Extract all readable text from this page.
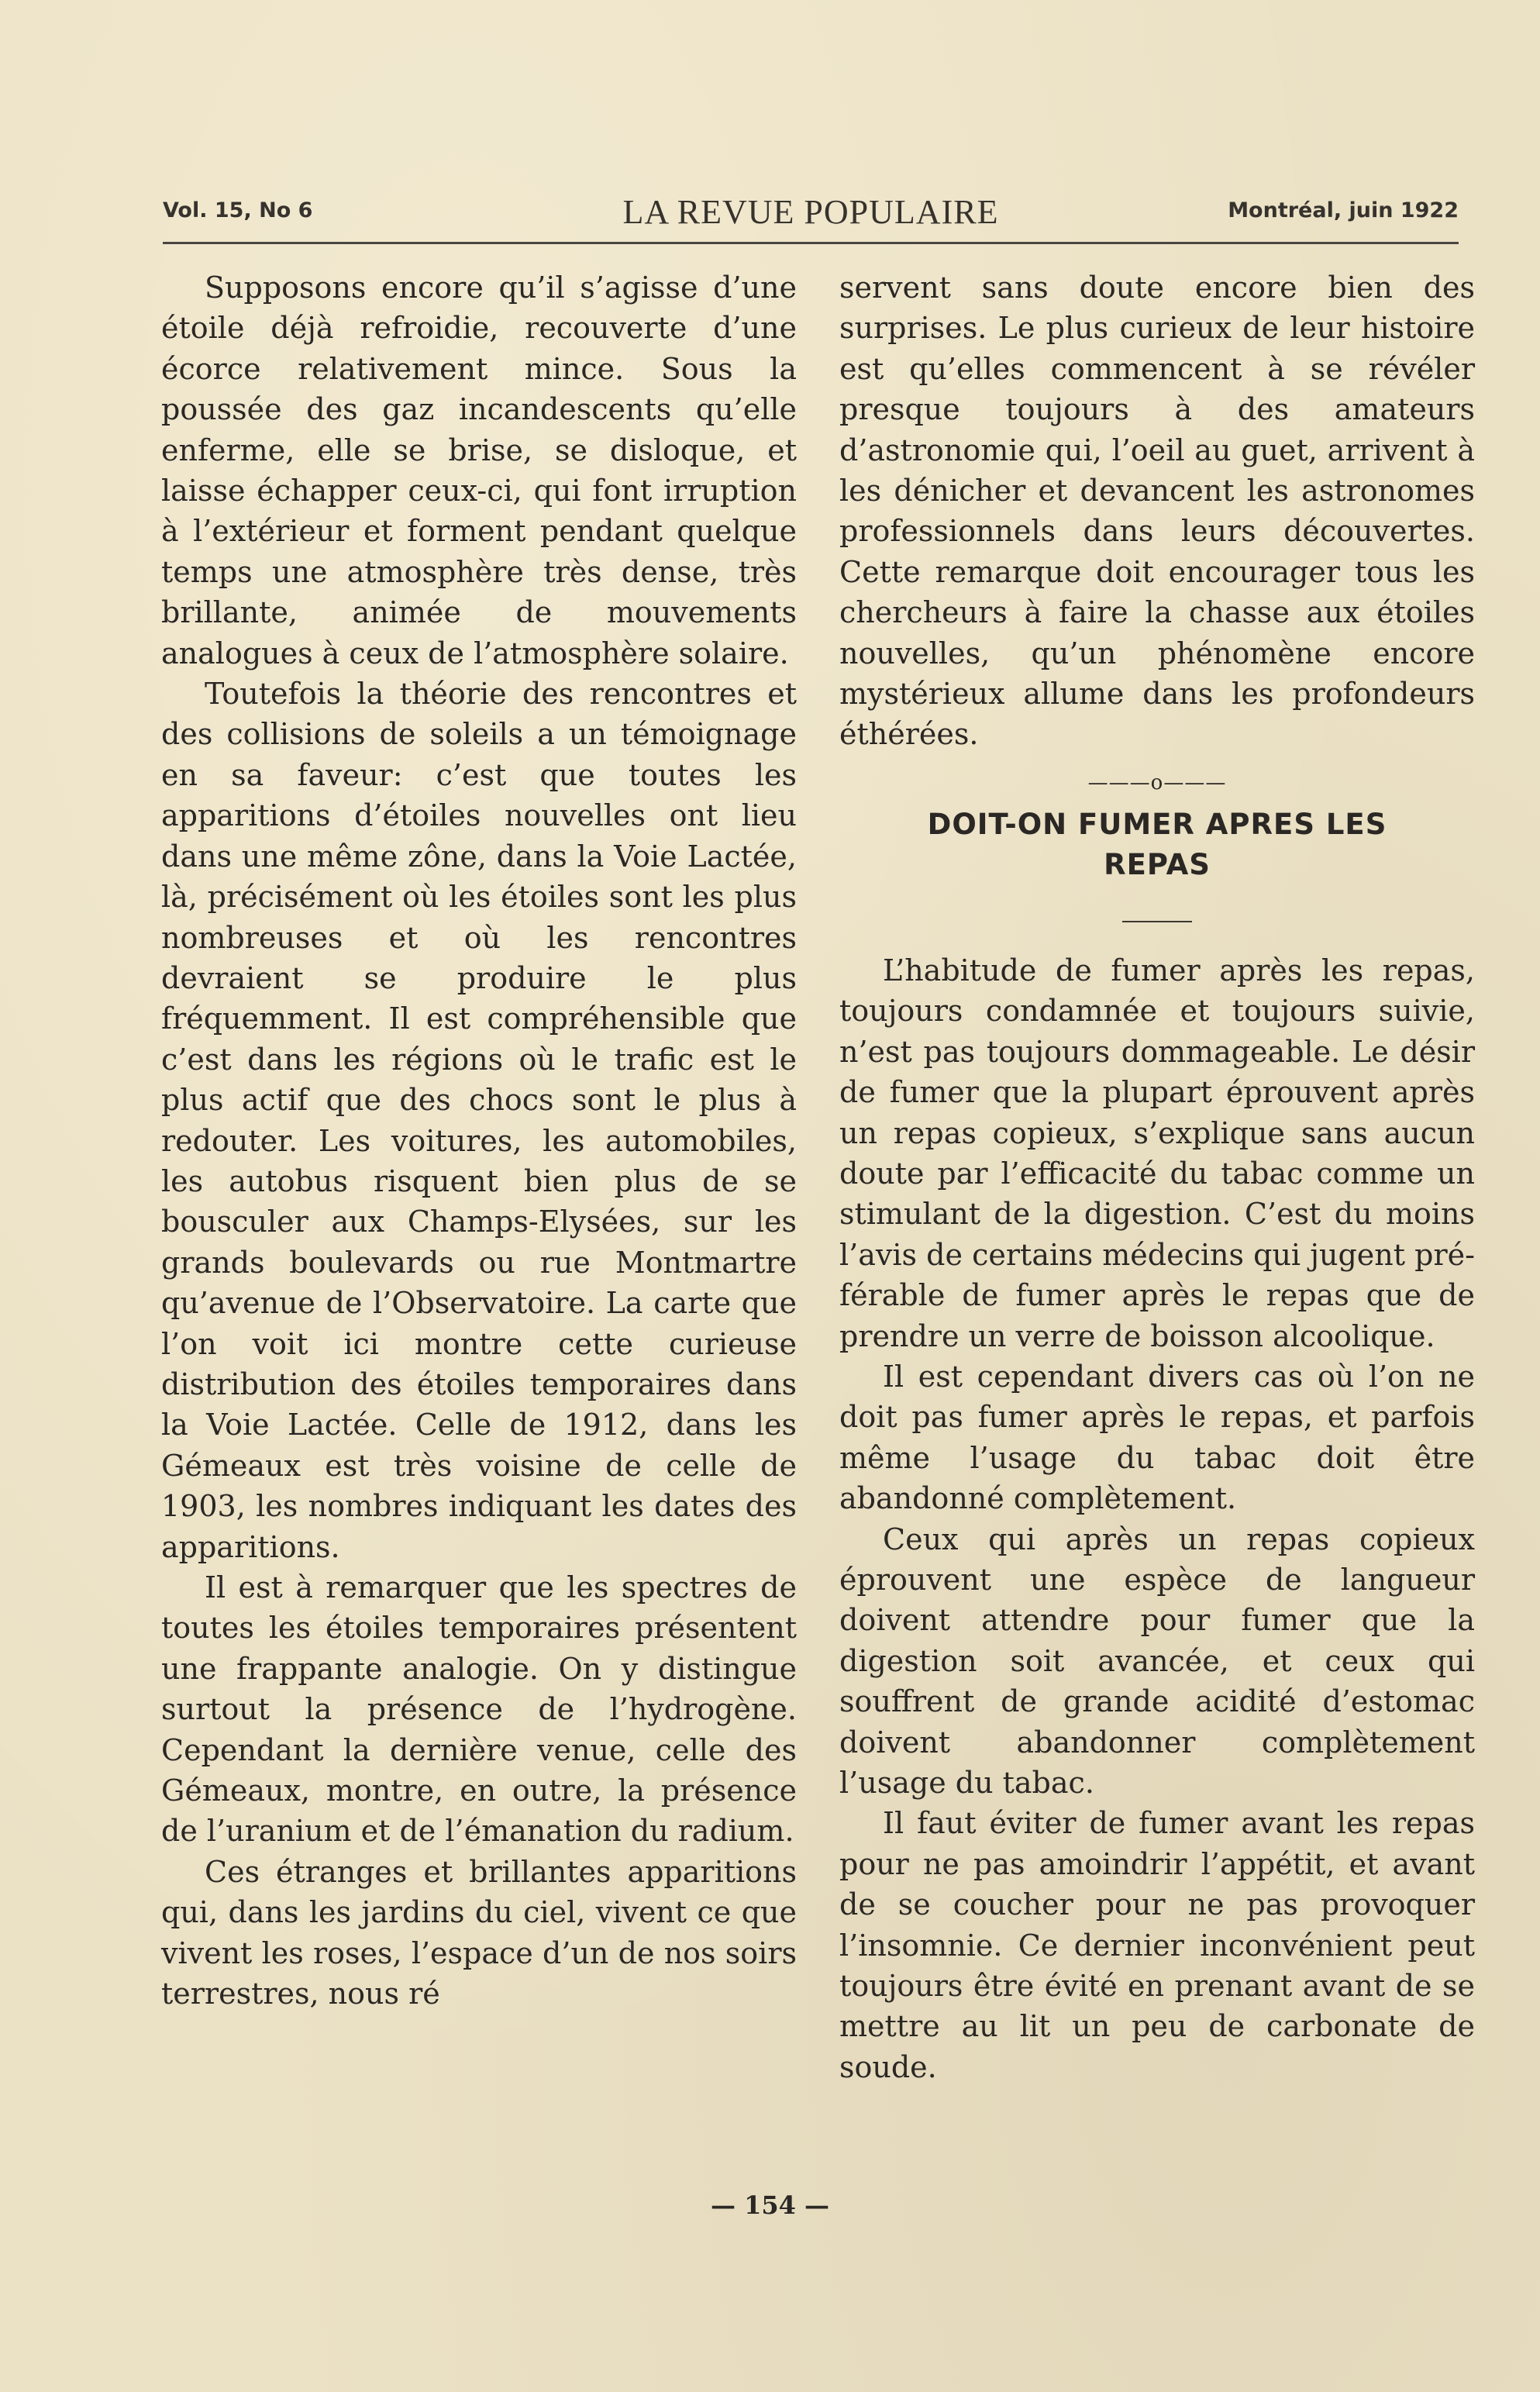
Vol. 15, No 6	LA REVUE POPULAIRE	Montréal, juin 1922

Supposons encore qu’il s’agisse d’une étoile déjà refroidie, recouverte d’une écorce relativement mince. Sous la poussée des gaz incandescents qu’elle enferme, elle se brise, se disloque, et laisse échapper ceux-ci, qui font irruption à l’extérieur et forment pendant quelque temps une atmosphère très dense, très brillante, animée de mouvements analogues à ceux de l’atmosphère solaire.

Toutefois la théorie des rencontres et des collisions de soleils a un témoignage en sa faveur: c’est que toutes les apparitions d’étoiles nouvelles ont lieu dans une même zône, dans la Voie Lactée, là, précisément où les étoiles sont les plus nombreuses et où les rencontres devraient se produire le plus fréquemment. Il est compréhensible que c’est dans les régions où le trafic est le plus actif que des chocs sont le plus à redouter. Les voitures, les automobiles, les autobus risquent bien plus de se bousculer aux Champs-Elysées, sur les grands boulevards ou rue Montmartre qu’avenue de l’Observatoire. La carte que l’on voit ici montre cette curieuse distribution des étoiles temporaires dans la Voie Lactée. Celle de 1912, dans les Gémeaux est très voisine de celle de 1903, les nombres indiquant les dates des apparitions.

Il est à remarquer que les spectres de toutes les étoiles temporaires présentent une frappante analogie. On y distingue surtout la présence de l’hydrogène. Cependant la dernière venue, celle des Gémeaux, montre, en outre, la présence de l’uranium et de l’émanation du radium.

Ces étranges et brillantes apparitions qui, dans les jardins du ciel, vivent ce que vivent les roses, l’espace d’un de nos soirs terrestres, nous ré

servent sans doute encore bien des surprises. Le plus curieux de leur histoire est qu’elles commencent à se révéler presque toujours à des amateurs d’astronomie qui, l’oeil au guet, arrivent à les dénicher et devancent les astronomes professionnels dans leurs découvertes. Cette remarque doit encourager tous les chercheurs à faire la chasse aux étoiles nouvelles, qu’un phénomène encore mystérieux allume dans les profondeurs éthérées.

———o———
DOIT-ON FUMER APRES LES REPAS

L’habitude de fumer après les repas, toujours condamnée et toujours suivie, n’est pas toujours dommageable. Le désir de fumer que la plupart éprouvent après un repas copieux, s’explique sans aucun doute par l’efficacité du tabac comme un stimulant de la digestion. C’est du moins l’avis de certains médecins qui jugent préférable de fumer après le repas que de prendre un verre de boisson alcoolique.

Il est cependant divers cas où l’on ne doit pas fumer après le repas, et parfois même l’usage du tabac doit être abandonné complètement.

Ceux qui après un repas copieux éprouvent une espèce de langueur doivent attendre pour fumer que la digestion soit avancée, et ceux qui souffrent de grande acidité d’estomac doivent abandonner complètement l’usage du tabac.

Il faut éviter de fumer avant les repas pour ne pas amoindrir l’appétit, et avant de se coucher pour ne pas provoquer l’insomnie. Ce dernier inconvénient peut toujours être évité en prenant avant de se mettre au lit un peu de carbonate de soude.

— 154 —
